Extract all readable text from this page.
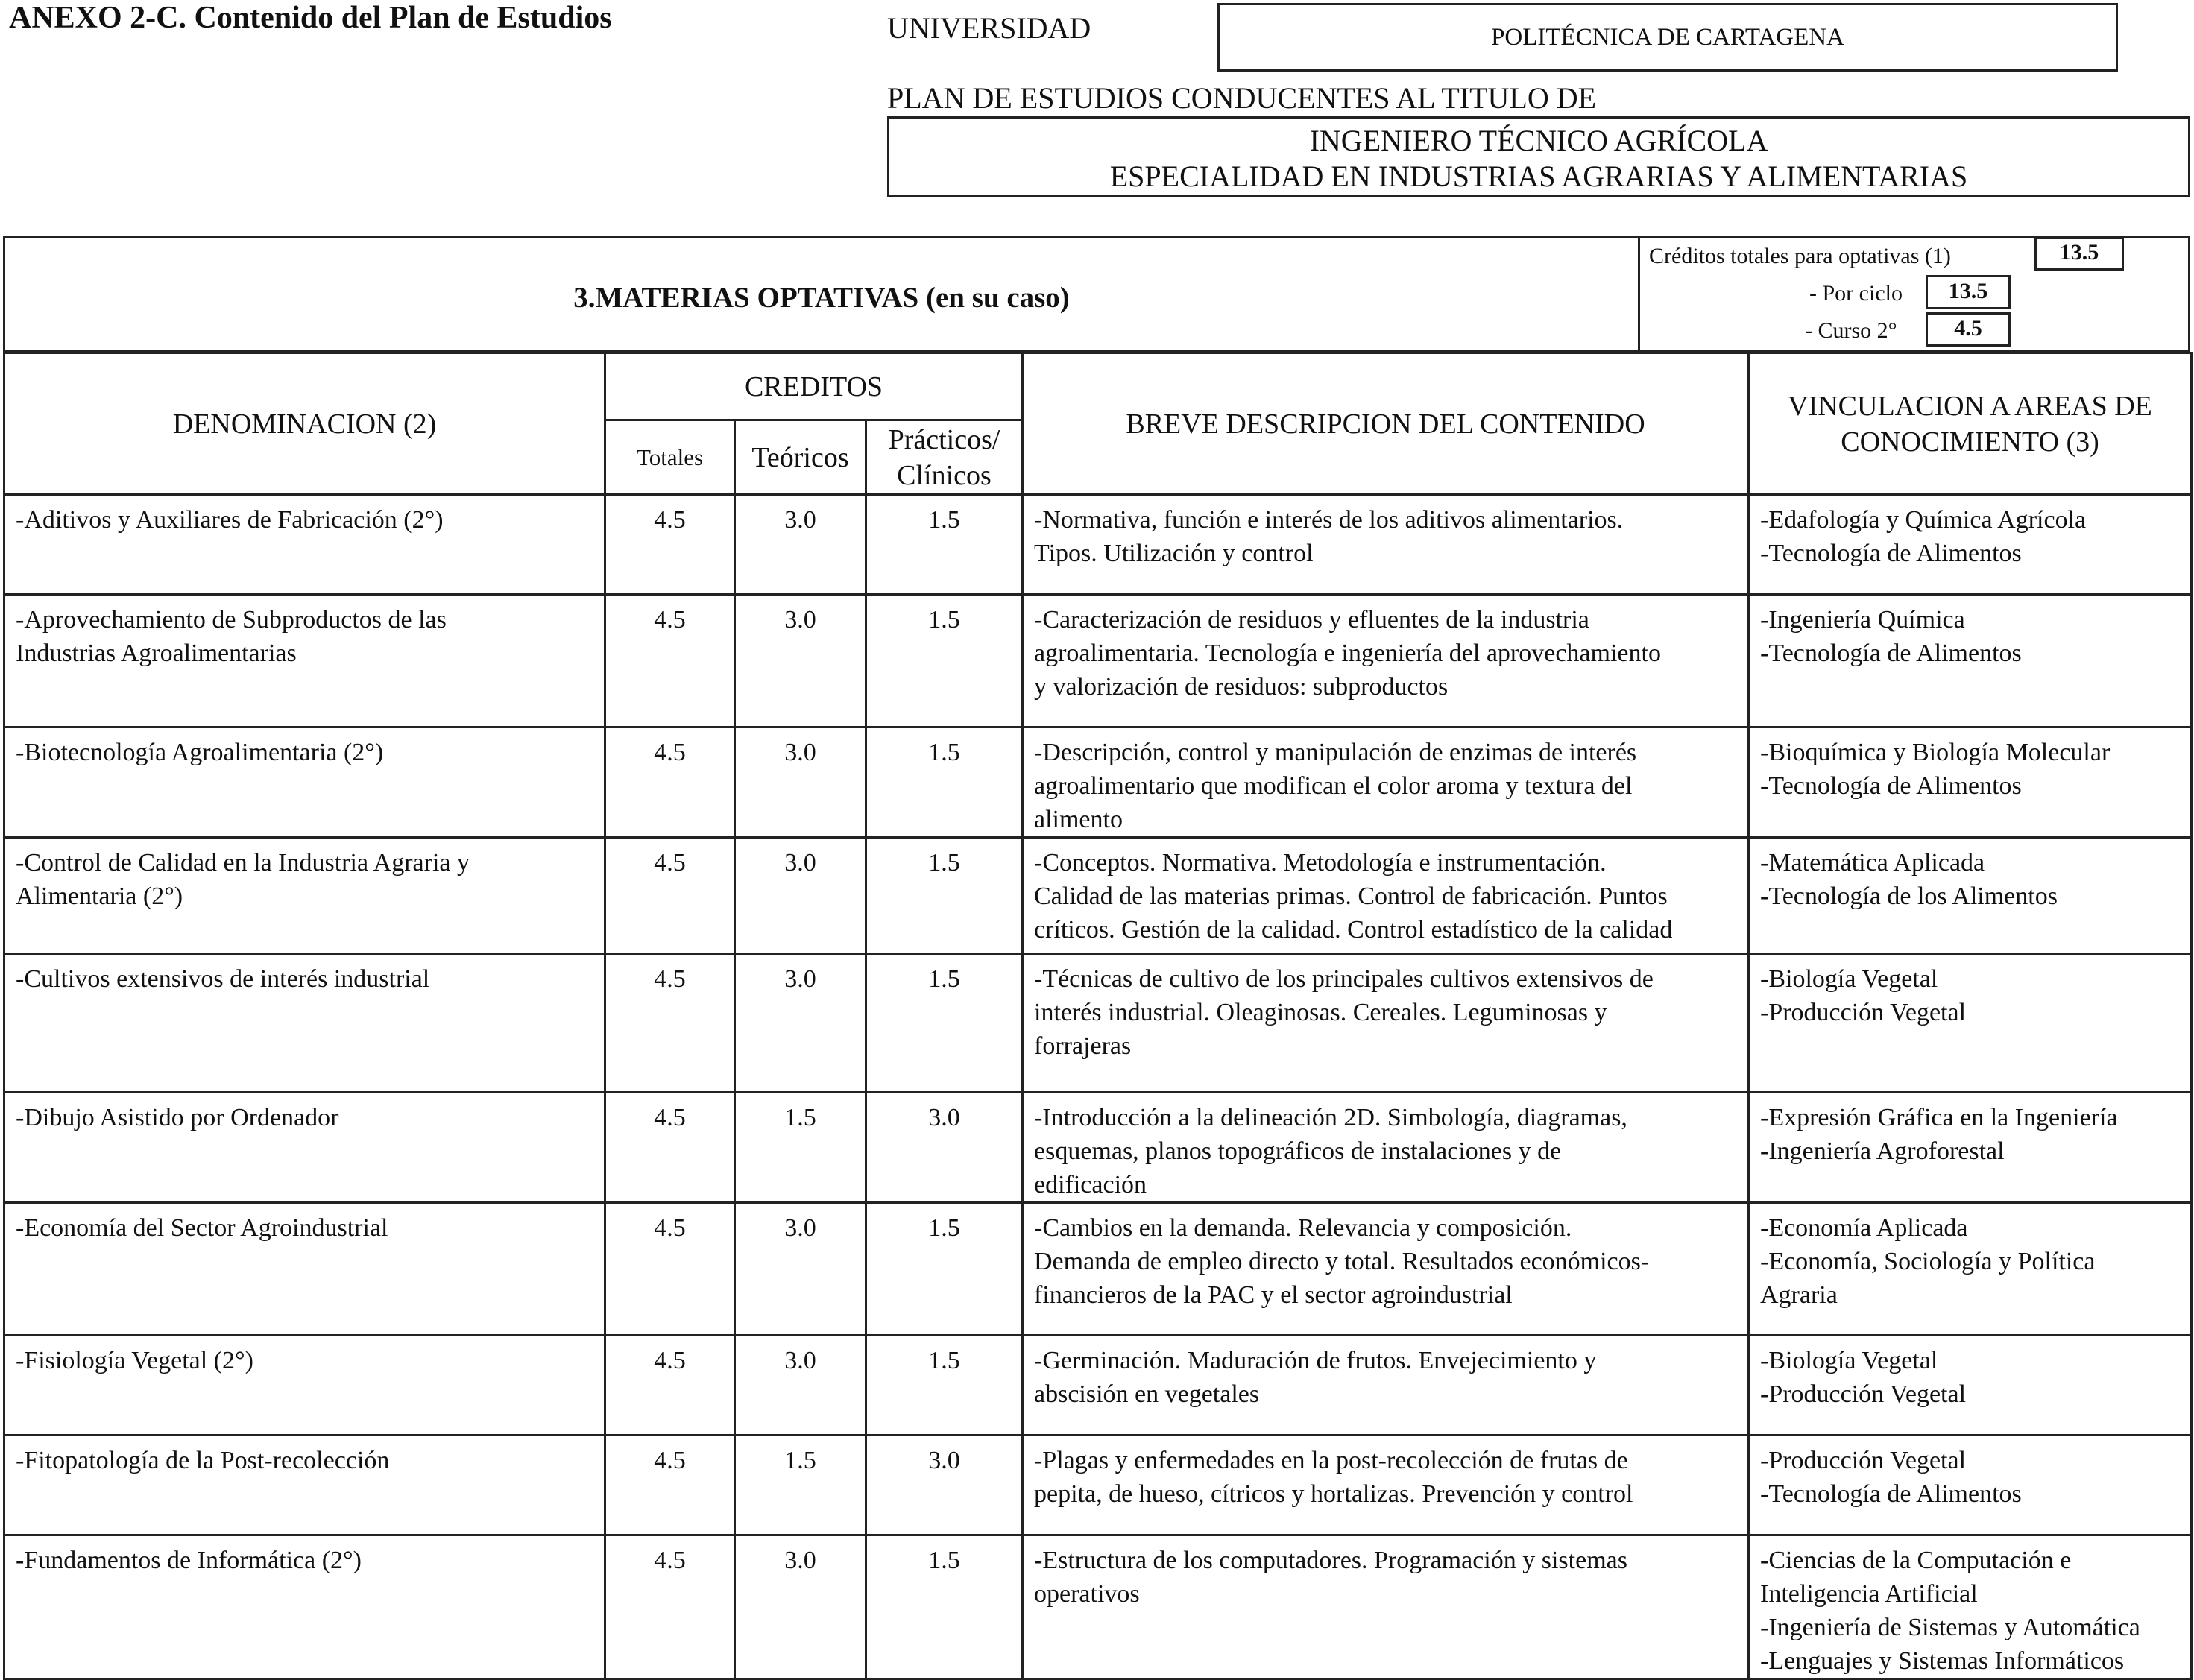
ANEXO 2-C. Contenido del Plan de Estudios	UNIVERSIDAD	POLITÉCNICA DE CARTAGENA
PLAN DE ESTUDIOS CONDUCENTES AL TITULO DE
INGENIERO TÉCNICO AGRÍCOLA
ESPECIALIDAD EN INDUSTRIAS AGRARIAS Y ALIMENTARIAS
3.MATERIAS OPTATIVAS (en su caso)
Créditos totales para optativas (1)	13.5
- Por ciclo	13.5
- Curso 2°	4.5
DENOMINACION (2)	CREDITOS			BREVE DESCRIPCION DEL CONTENIDO	VINCULACION A AREAS DE
CONOCIMIENTO (3)

	Totales	Teóricos	Prácticos/
Clínicos		

-Aditivos y Auxiliares de Fabricación (2°)	4.5	3.0	1.5	-Normativa, función e interés de los aditivos alimentarios.
Tipos. Utilización y control	-Edafología y Química Agrícola
-Tecnología de Alimentos

-Aprovechamiento de Subproductos de las
Industrias Agroalimentarias	4.5	3.0	1.5	-Caracterización de residuos y efluentes de la industria
agroalimentaria. Tecnología e ingeniería del aprovechamiento
y valorización de residuos: subproductos	-Ingeniería Química
-Tecnología de Alimentos

-Biotecnología Agroalimentaria (2°)	4.5	3.0	1.5	-Descripción, control y manipulación de enzimas de interés
agroalimentario que modifican el color aroma y textura del
alimento	-Bioquímica y Biología Molecular
-Tecnología de Alimentos

-Control de Calidad en la Industria Agraria y
Alimentaria (2°)	4.5	3.0	1.5	-Conceptos. Normativa. Metodología e instrumentación.
Calidad de las materias primas. Control de fabricación. Puntos
críticos. Gestión de la calidad. Control estadístico de la calidad	-Matemática Aplicada
-Tecnología de los Alimentos

-Cultivos extensivos de interés industrial	4.5	3.0	1.5	-Técnicas de cultivo de los principales cultivos extensivos de
interés industrial. Oleaginosas. Cereales. Leguminosas y
forrajeras	-Biología Vegetal
-Producción Vegetal

-Dibujo Asistido por Ordenador	4.5	1.5	3.0	-Introducción a la delineación 2D. Simbología, diagramas,
esquemas, planos topográficos de instalaciones y de
edificación	-Expresión Gráfica en la Ingeniería
-Ingeniería Agroforestal

-Economía del Sector Agroindustrial	4.5	3.0	1.5	-Cambios en la demanda. Relevancia y composición.
Demanda de empleo directo y total. Resultados económicos-
financieros de la PAC y el sector agroindustrial	-Economía Aplicada
-Economía, Sociología y Política
Agraria

-Fisiología Vegetal (2°)	4.5	3.0	1.5	-Germinación. Maduración de frutos. Envejecimiento y
abscisión en vegetales	-Biología Vegetal
-Producción Vegetal

-Fitopatología de la Post-recolección	4.5	1.5	3.0	-Plagas y enfermedades en la post-recolección de frutas de
pepita, de hueso, cítricos y hortalizas. Prevención y control	-Producción Vegetal
-Tecnología de Alimentos

-Fundamentos de Informática (2°)	4.5	3.0	1.5	-Estructura de los computadores. Programación y sistemas
operativos	-Ciencias de la Computación e
Inteligencia Artificial
-Ingeniería de Sistemas y Automática
-Lenguajes y Sistemas Informáticos
